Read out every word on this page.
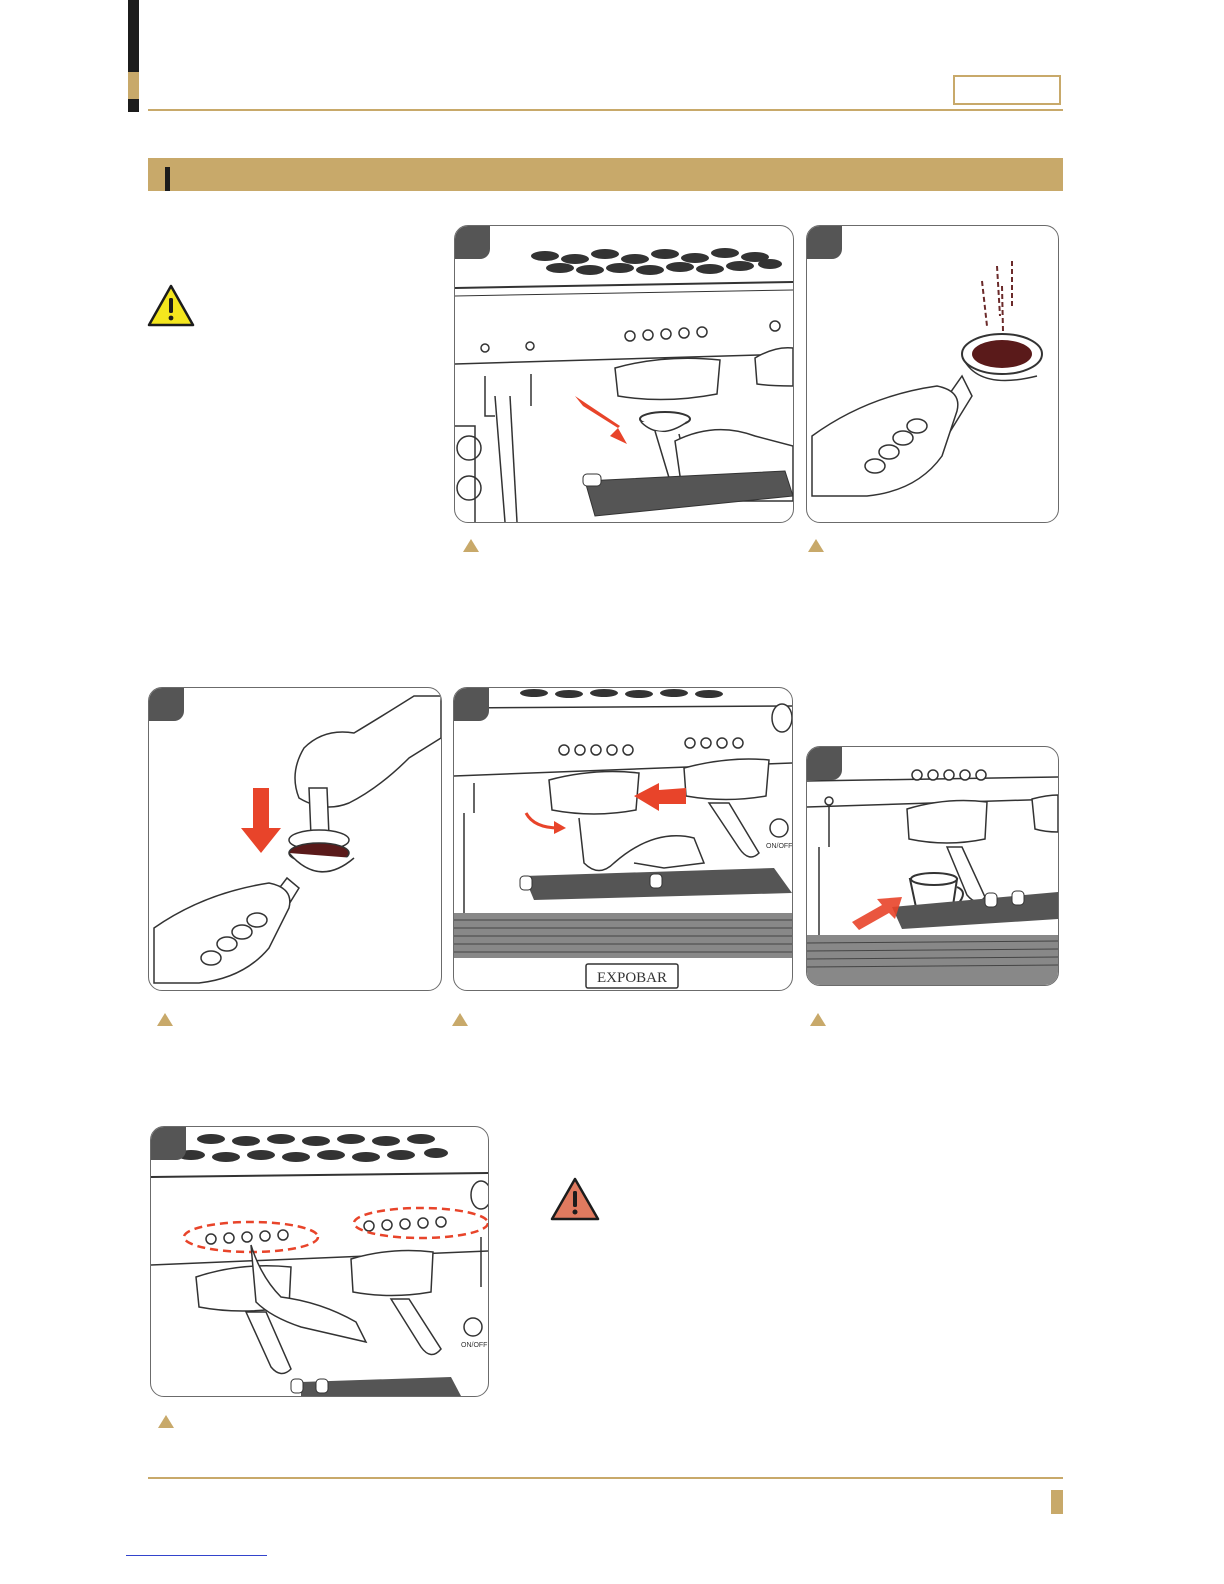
ON/OFF
EXPOBAR
ON/OFF
